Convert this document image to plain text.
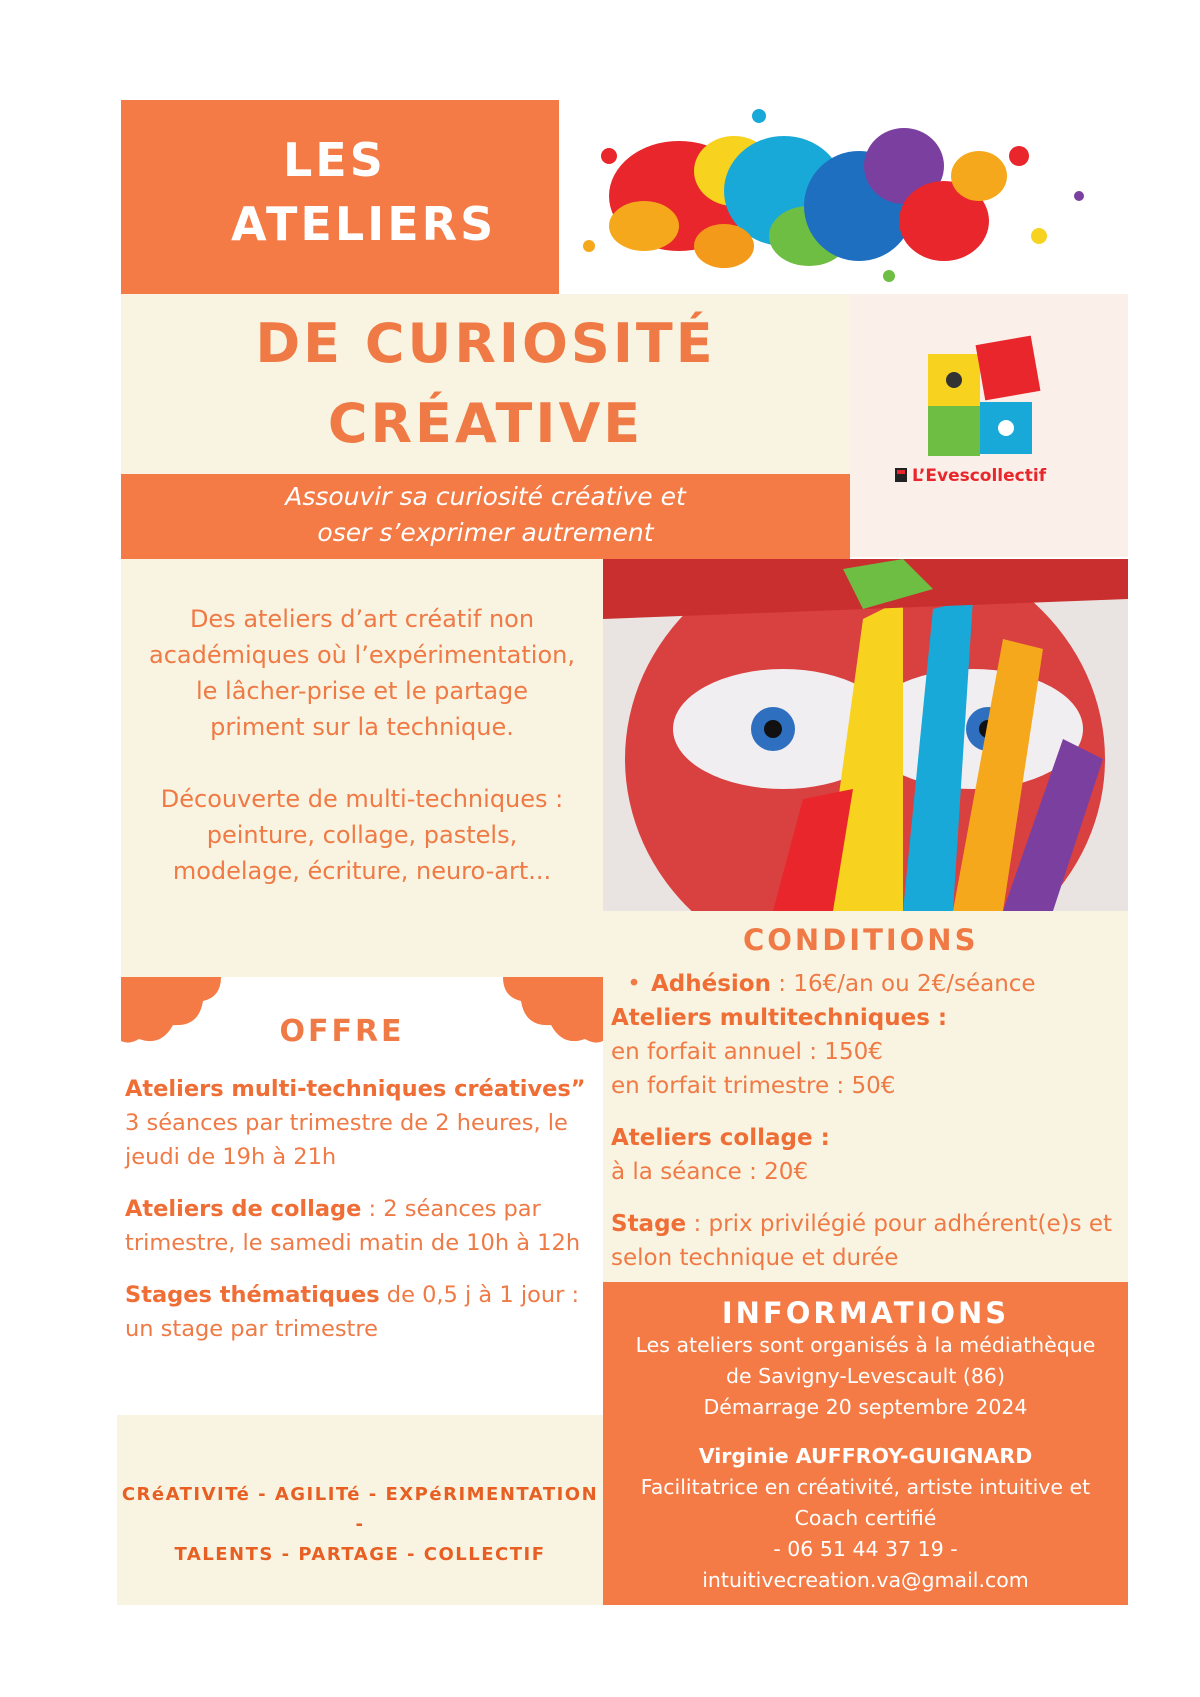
LES
ATELIERS
DE CURIOSITÉ
CRÉATIVE
L’Evescollectif
Assouvir sa curiosité créative et
oser s’exprimer autrement
Des ateliers d’art créatif non
académiques où l’expérimentation,
le lâcher-prise et le partage
priment sur la technique.
Découverte de multi-techniques :
peinture, collage, pastels,
modelage, écriture, neuro-art...
OFFRE

Ateliers multi-techniques créatives”
3 séances par trimestre de 2 heures, le jeudi de 19h à 21h

Ateliers de collage : 2 séances par trimestre, le samedi matin de 10h à 12h

Stages thématiques de 0,5 j à 1 jour : un stage par trimestre

CONDITIONS
• Adhésion : 16€/an ou 2€/séance

Ateliers multitechniques :
en forfait annuel : 150€
en forfait trimestre : 50€

Ateliers collage :
à la séance : 20€

Stage : prix privilégié pour adhérent(e)s et selon technique et durée

INFORMATIONS
Les ateliers sont organisés à la médiathèque
de Savigny-Levescault (86)
Démarrage 20 septembre 2024
Virginie AUFFROY-GUIGNARD
Facilitatrice en créativité, artiste intuitive et
Coach certifié
- 06 51 44 37 19 -
intuitivecreation.va@gmail.com
CRéATIVITé - AGILITé - EXPéRIMENTATION -
TALENTS - PARTAGE - COLLECTIF
